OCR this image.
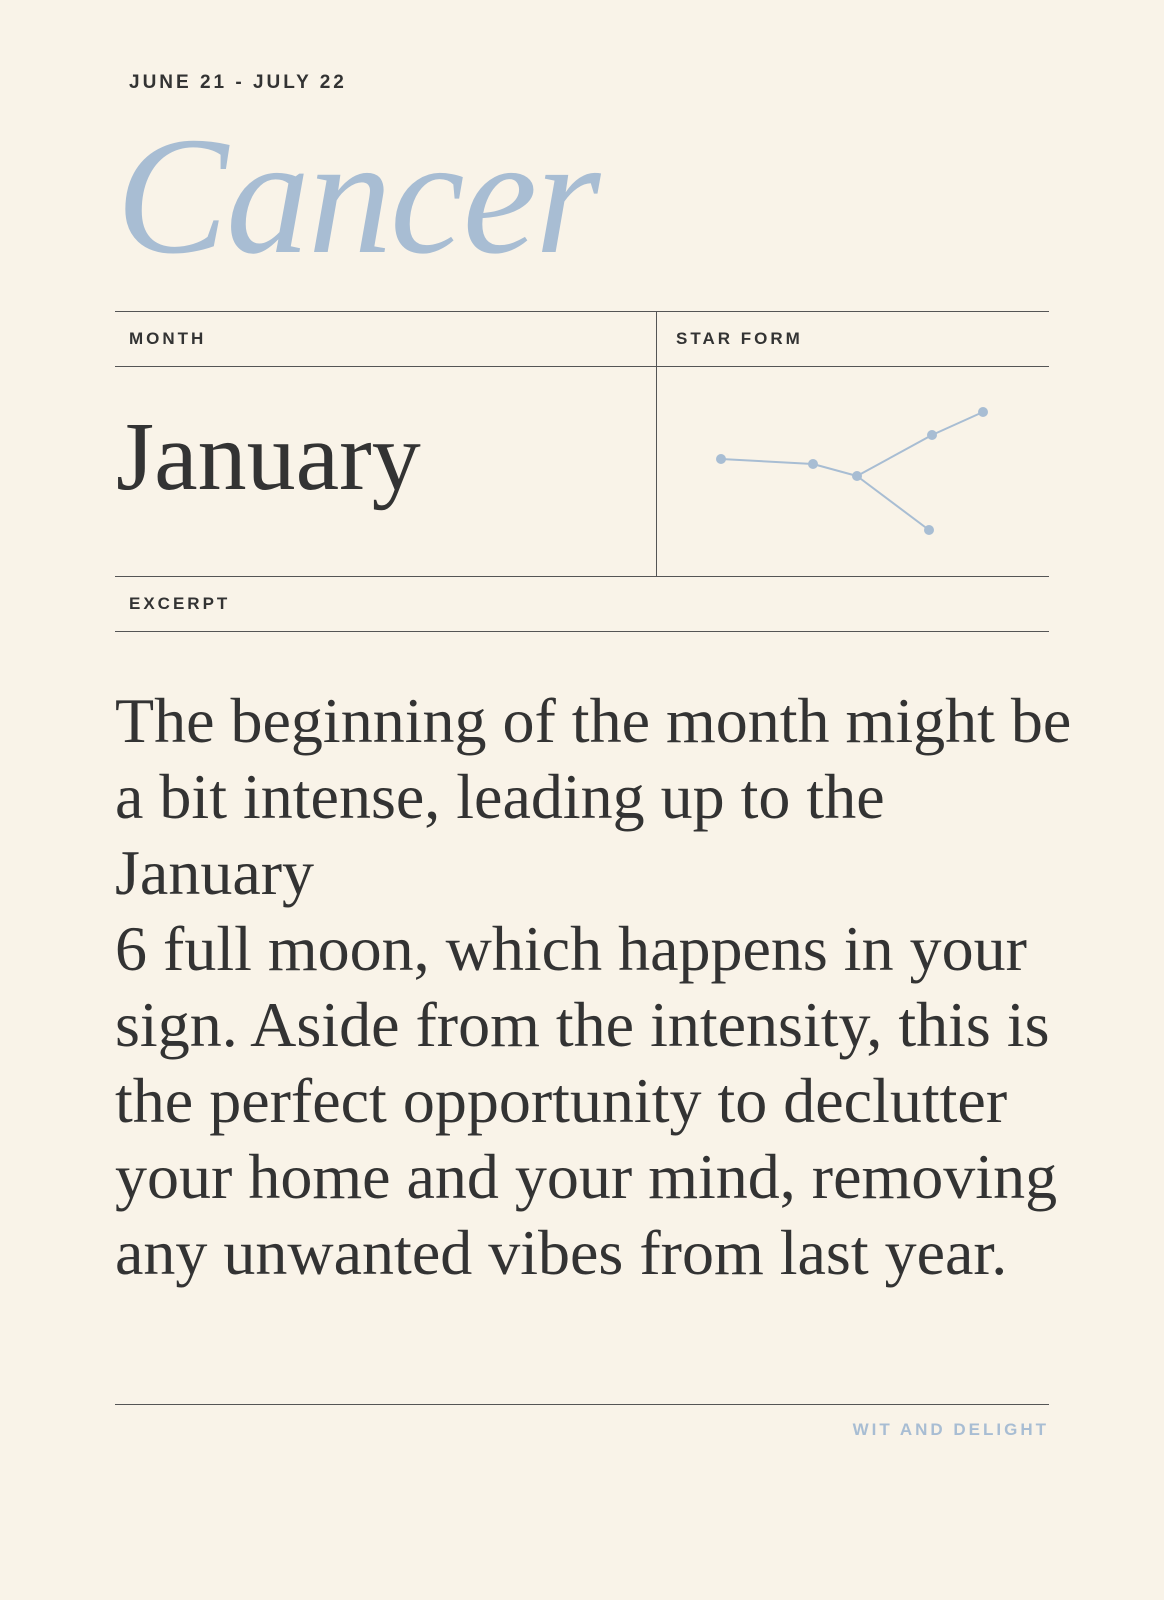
JUNE 21 - JULY 22
Cancer
MONTH	STAR FORM
January
EXCERPT
The beginning of the month might be
a bit intense, leading up to the January
6 full moon, which happens in your
sign. Aside from the intensity, this is
the perfect opportunity to declutter
your home and your mind, removing
any unwanted vibes from last year.
WIT AND DELIGHT
